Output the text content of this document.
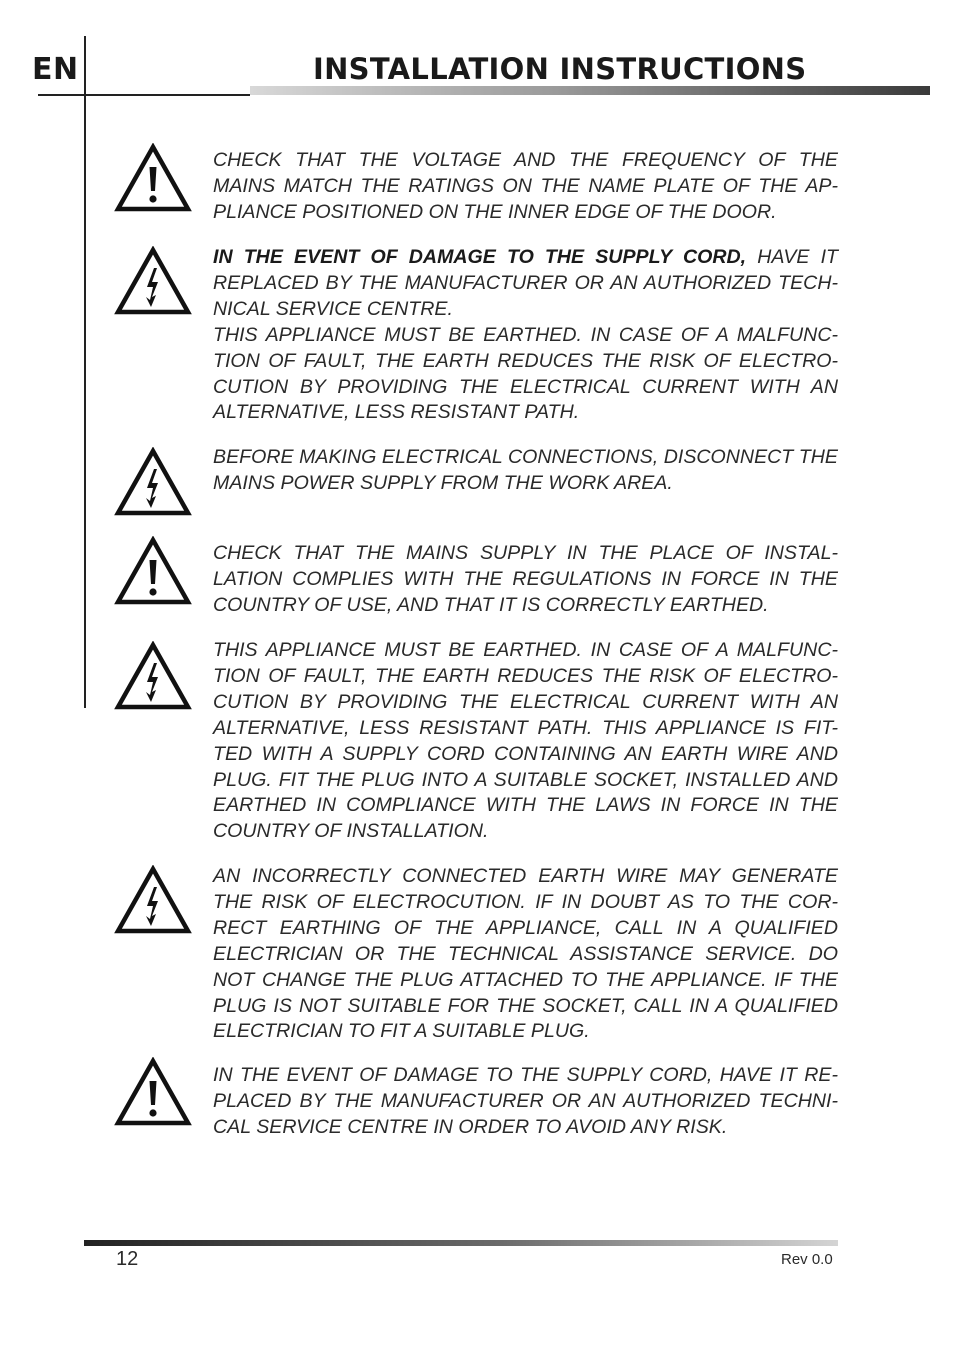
EN	INSTALLATION INSTRUCTIONS

CHECK THAT THE VOLTAGE AND THE FREQUENCY OF THE MAINS MATCH THE RATINGS ON THE NAME PLATE OF THE AP-PLIANCE POSITIONED ON THE INNER EDGE OF THE DOOR.

IN THE EVENT OF DAMAGE TO THE SUPPLY CORD, HAVE IT REPLACED BY THE MANUFACTURER OR AN AUTHORIZED TECH-NICAL SERVICE CENTRE.

THIS APPLIANCE MUST BE EARTHED. IN CASE OF A MALFUNC-TION OF FAULT, THE EARTH REDUCES THE RISK OF ELECTRO-CUTION BY PROVIDING THE ELECTRICAL CURRENT WITH AN ALTERNATIVE, LESS RESISTANT PATH.

BEFORE MAKING ELECTRICAL CONNECTIONS, DISCONNECT THE MAINS POWER SUPPLY FROM THE WORK AREA.

CHECK THAT THE MAINS SUPPLY IN THE PLACE OF INSTAL-LATION COMPLIES WITH THE REGULATIONS IN FORCE IN THE COUNTRY OF USE, AND THAT IT IS CORRECTLY EARTHED.

THIS APPLIANCE MUST BE EARTHED. IN CASE OF A MALFUNC-TION OF FAULT, THE EARTH REDUCES THE RISK OF ELECTRO-CUTION BY PROVIDING THE ELECTRICAL CURRENT WITH AN ALTERNATIVE, LESS RESISTANT PATH. THIS APPLIANCE IS FIT-TED WITH A SUPPLY CORD CONTAINING AN EARTH WIRE AND PLUG. FIT THE PLUG INTO A SUITABLE SOCKET, INSTALLED AND EARTHED IN COMPLIANCE WITH THE LAWS IN FORCE IN THE COUNTRY OF INSTALLATION.

AN INCORRECTLY CONNECTED EARTH WIRE MAY GENERATE THE RISK OF ELECTROCUTION. IF IN DOUBT AS TO THE COR-RECT EARTHING OF THE APPLIANCE, CALL IN A QUALIFIED ELECTRICIAN OR THE TECHNICAL ASSISTANCE SERVICE. DO NOT CHANGE THE PLUG ATTACHED TO THE APPLIANCE. IF THE PLUG IS NOT SUITABLE FOR THE SOCKET, CALL IN A QUALIFIED ELECTRICIAN TO FIT A SUITABLE PLUG.

IN THE EVENT OF DAMAGE TO THE SUPPLY CORD, HAVE IT RE-PLACED BY THE MANUFACTURER OR AN AUTHORIZED TECHNI-CAL SERVICE CENTRE IN ORDER TO AVOID ANY RISK.

12	Rev 0.0
